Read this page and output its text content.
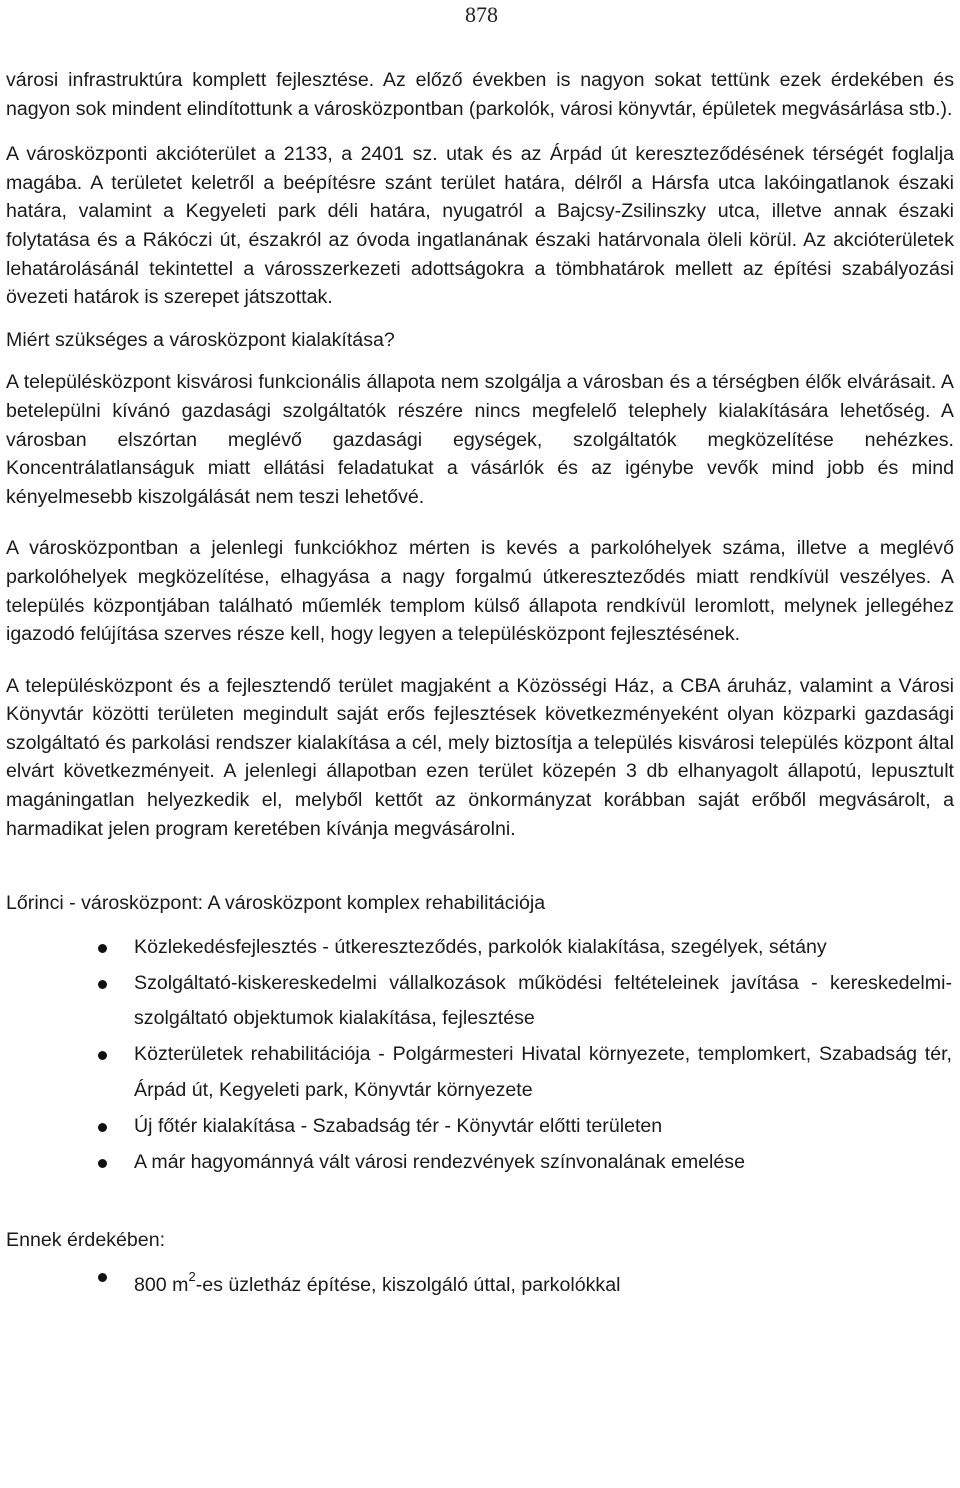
878

városi infrastruktúra komplett fejlesztése. Az előző években is nagyon sokat tettünk ezek érdekében és nagyon sok mindent elindítottunk a városközpontban (parkolók, városi könyvtár, épületek megvásárlása stb.).

A városközponti akcióterület a 2133, a 2401 sz. utak és az Árpád út kereszteződésének térségét foglalja magába. A területet keletről a beépítésre szánt terület határa, délről a Hársfa utca lakóingatlanok északi határa, valamint a Kegyeleti park déli határa, nyugatról a Bajcsy-Zsilinszky utca, illetve annak északi folytatása és a Rákóczi út, északról az óvoda ingatlanának északi határvonala öleli körül. Az akcióterületek lehatárolásánál tekintettel a városszerkezeti adottságokra a tömbhatárok mellett az építési szabályozási övezeti határok is szerepet játszottak.

Miért szükséges a városközpont kialakítása?

A településközpont kisvárosi funkcionális állapota nem szolgálja a városban és a térségben élők elvárásait. A betelepülni kívánó gazdasági szolgáltatók részére nincs megfelelő telephely kialakítására lehetőség. A városban elszórtan meglévő gazdasági egységek, szolgáltatók megközelítése nehézkes. Koncentrálatlanságuk miatt ellátási feladatukat a vásárlók és az igénybe vevők mind jobb és mind kényelmesebb kiszolgálását nem teszi lehetővé.

A városközpontban a jelenlegi funkciókhoz mérten is kevés a parkolóhelyek száma, illetve a meglévő parkolóhelyek megközelítése, elhagyása a nagy forgalmú útkereszteződés miatt rendkívül veszélyes. A település központjában található műemlék templom külső állapota rendkívül leromlott, melynek jellegéhez igazodó felújítása szerves része kell, hogy legyen a településközpont fejlesztésének.

A településközpont és a fejlesztendő terület magjaként a Közösségi Ház, a CBA áruház, valamint a Városi Könyvtár közötti területen megindult saját erős fejlesztések következményeként olyan közparki gazdasági szolgáltató és parkolási rendszer kialakítása a cél, mely biztosítja a település kisvárosi település központ által elvárt következményeit. A jelenlegi állapotban ezen terület közepén 3 db elhanyagolt állapotú, lepusztult magáningatlan helyezkedik el, melyből kettőt az önkormányzat korábban saját erőből megvásárolt, a harmadikat jelen program keretében kívánja megvásárolni.

Lőrinci - városközpont: A városközpont komplex rehabilitációja

Közlekedésfejlesztés - útkereszteződés, parkolók kialakítása, szegélyek, sétány
Szolgáltató-kiskereskedelmi vállalkozások működési feltételeinek javítása - kereskedelmi-szolgáltató objektumok kialakítása, fejlesztése
Közterületek rehabilitációja - Polgármesteri Hivatal környezete, templomkert, Szabadság tér, Árpád út, Kegyeleti park, Könyvtár környezete
Új főtér kialakítása - Szabadság tér - Könyvtár előtti területen
A már hagyománnyá vált városi rendezvények színvonalának emelése

Ennek érdekében:

800 $m^2-es$ üzletház építése, kiszolgáló úttal, parkolókkal
